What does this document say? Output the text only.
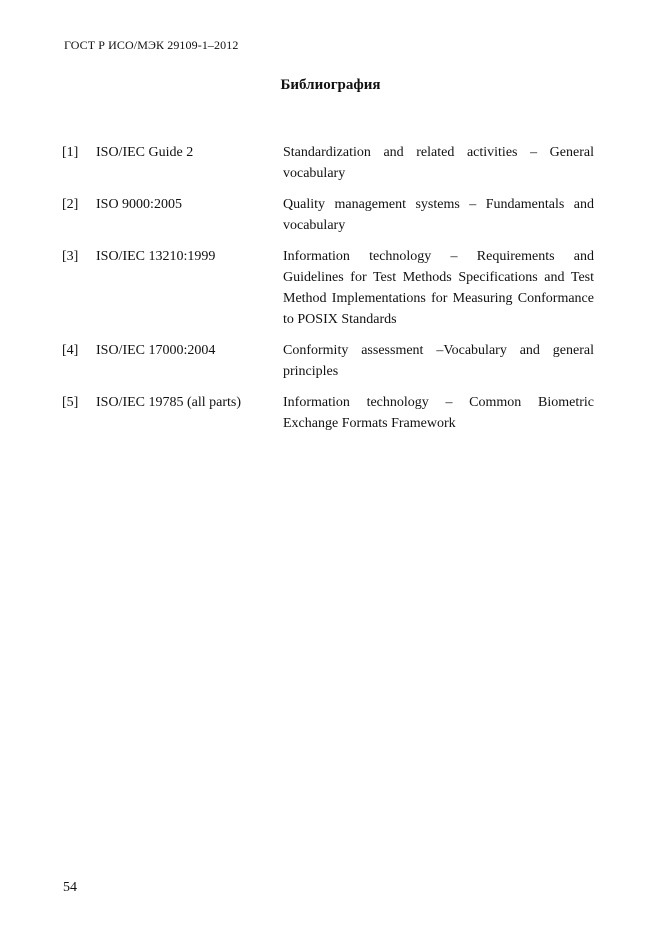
ГОСТ Р ИСО/МЭК 29109-1–2012
Библиография
[1] ISO/IEC Guide 2	Standardization and related activities – General vocabulary
[2] ISO 9000:2005	Quality management systems – Fundamentals and vocabulary
[3] ISO/IEC 13210:1999	Information technology – Requirements and Guidelines for Test Methods Specifications and Test Method Implementations for Measuring Conformance to POSIX Standards
[4] ISO/IEC 17000:2004	Conformity assessment –Vocabulary and general principles
[5] ISO/IEC 19785 (all parts)	Information technology – Common Biometric Exchange Formats Framework
54
